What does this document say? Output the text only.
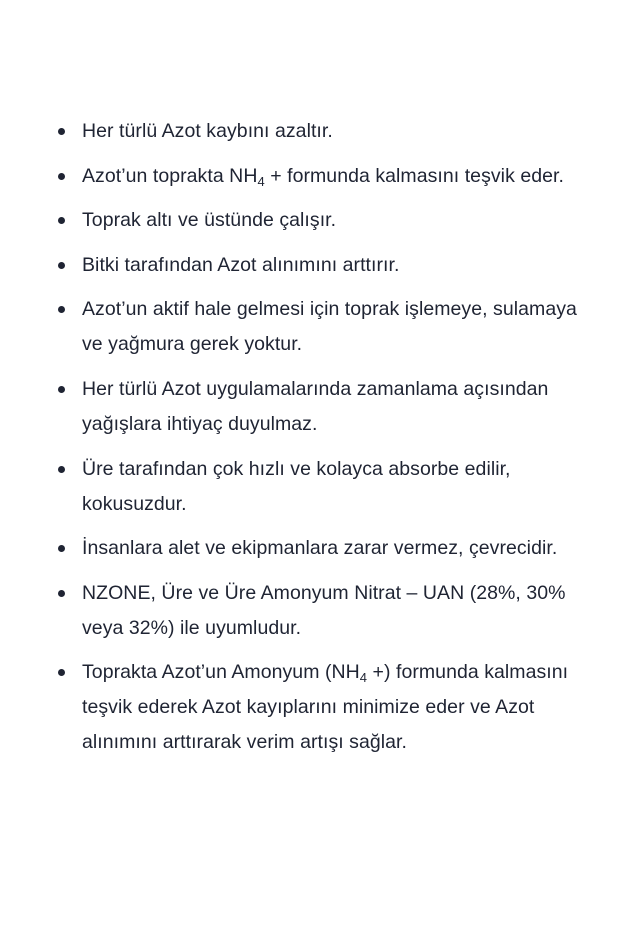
Her türlü Azot kaybını azaltır.
Azot’un toprakta $NH_4$ + formunda kalmasını teşvik eder.
Toprak altı ve üstünde çalışır.
Bitki tarafından Azot alınımını arttırır.
Azot’un aktif hale gelmesi için toprak işlemeye, sulamaya ve yağmura gerek yoktur.
Her türlü Azot uygulamalarında zamanlama açısından yağışlara ihtiyaç duyulmaz.
Üre tarafından çok hızlı ve kolayca absorbe edilir, kokusuzdur.
İnsanlara alet ve ekipmanlara zarar vermez, çevrecidir.
NZONE, Üre ve Üre Amonyum Nitrat – UAN (28%, 30% veya 32%) ile uyumludur.
Toprakta Azot’un Amonyum ($NH_4$ +) formunda kalmasını teşvik ederek Azot kayıplarını minimize eder ve Azot alınımını arttırarak verim artışı sağlar.
